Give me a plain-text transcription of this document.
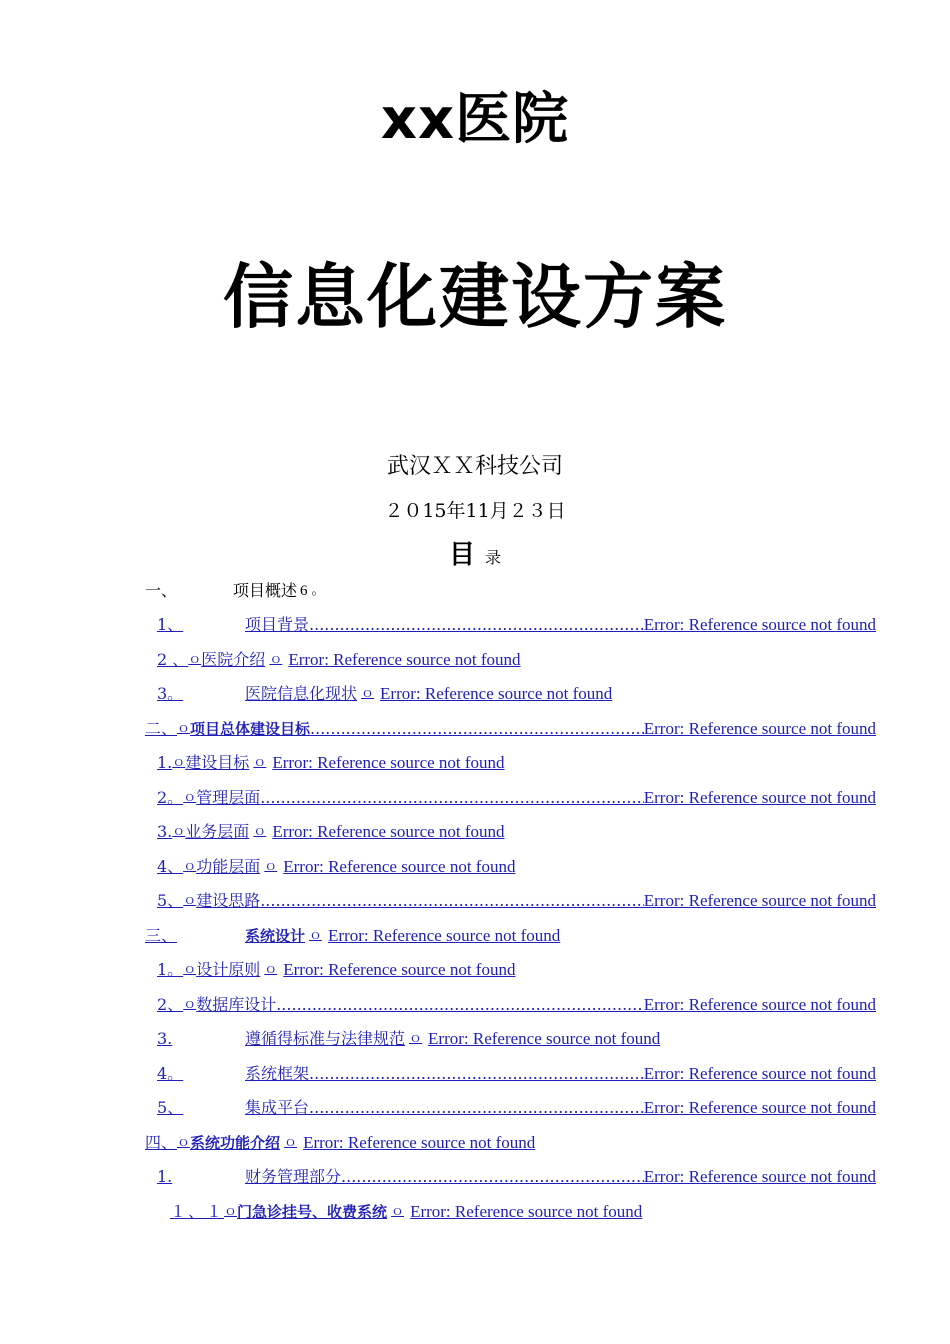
xx医院
信息化建设方案
武汉ＸＸ科技公司
２０15年11月２３日
目录
一、	项目概述 6 。
1、	项目背景 .....	Error: Reference source not found
2 、 ｏ 医院介绍 ｏ Error: Reference source not found
3。	医院信息化现状 ｏ Error: Reference source not found
二、 ｏ 项目总体建设目标 .....	Error: Reference source not found
1. ｏ 建设目标 ｏ Error: Reference source not found
2。 ｏ 管理层面 .....	Error: Reference source not found
3. ｏ 业务层面 ｏ Error: Reference source not found
4、 ｏ 功能层面 ｏ Error: Reference source not found
5、 ｏ 建设思路 .....	Error: Reference source not found
三、	系统设计 ｏ Error: Reference source not found
1。 ｏ 设计原则 ｏ Error: Reference source not found
2、 ｏ 数据库设计 .....	Error: Reference source not found
3.	遵循得标准与法律规范 ｏ Error: Reference source not found
4。	系统框架 .....	Error: Reference source not found
5、	集成平台 .....	Error: Reference source not found
四、 ｏ 系统功能介绍 ｏ Error: Reference source not found
1.	财务管理部分 .....	Error: Reference source not found
１、１ ｏ 门急诊挂号、收费系统 ｏ Error: Reference source not found
